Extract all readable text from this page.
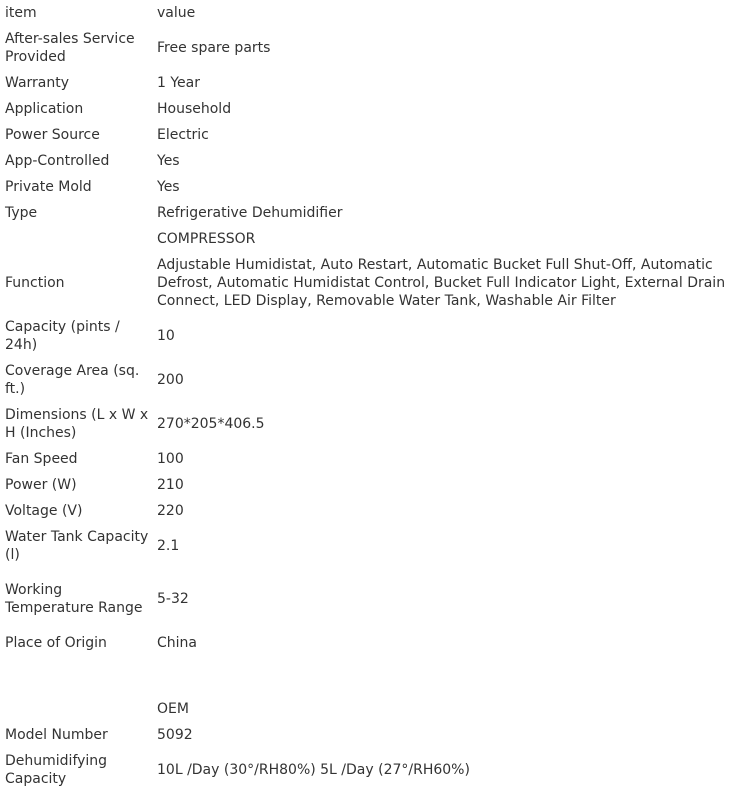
item	value
After-sales Service Provided	Free spare parts
Warranty	1 Year
Application	Household
Power Source	Electric
App-Controlled	Yes
Private Mold	Yes
Type	Refrigerative Dehumidifier
	COMPRESSOR
Function	Adjustable Humidistat, Auto Restart, Automatic Bucket Full Shut-Off, Automatic Defrost, Automatic Humidistat Control, Bucket Full Indicator Light, External Drain Connect, LED Display, Removable Water Tank, Washable Air Filter
Capacity (pints / 24h)	10
Coverage Area (sq. ft.)	200
Dimensions (L x W x H (Inches)	270*205*406.5
Fan Speed	100
Power (W)	210
Voltage (V)	220
Water Tank Capacity (l)	2.1
Working Temperature Range	5-32
Place of Origin	China

	OEM
Model Number	5092
Dehumidifying Capacity	10L /Day (30°/RH80%) 5L /Day (27°/RH60%)
